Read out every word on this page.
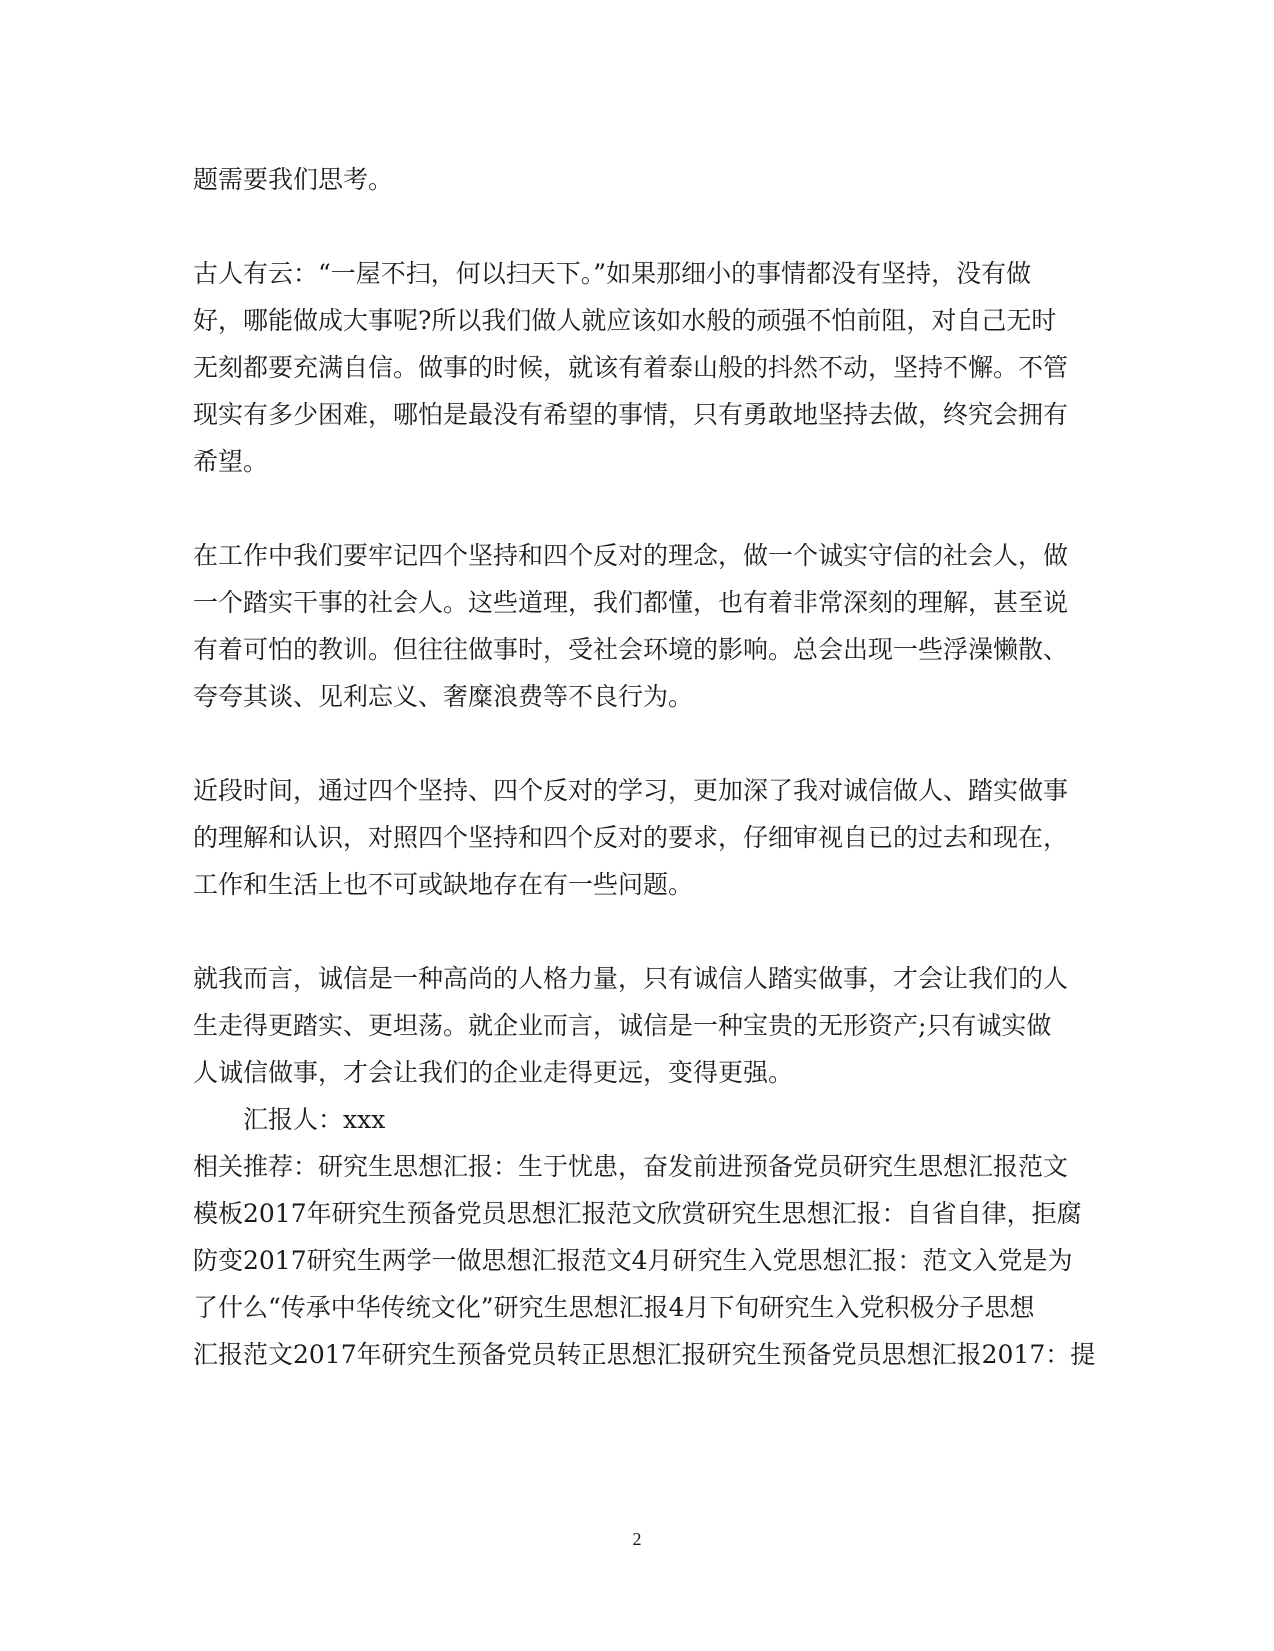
题需要我们思考。
古人有云：“一屋不扫，何以扫天下。”如果那细小的事情都没有坚持，没有做
好，哪能做成大事呢?所以我们做人就应该如水般的顽强不怕前阻，对自己无时
无刻都要充满自信。做事的时候，就该有着泰山般的抖然不动，坚持不懈。不管
现实有多少困难，哪怕是最没有希望的事情，只有勇敢地坚持去做，终究会拥有
希望。
在工作中我们要牢记四个坚持和四个反对的理念，做一个诚实守信的社会人，做
一个踏实干事的社会人。这些道理，我们都懂，也有着非常深刻的理解，甚至说
有着可怕的教训。但往往做事时，受社会环境的影响。总会出现一些浮澡懒散、
夸夸其谈、见利忘义、奢糜浪费等不良行为。
近段时间，通过四个坚持、四个反对的学习，更加深了我对诚信做人、踏实做事
的理解和认识，对照四个坚持和四个反对的要求，仔细审视自已的过去和现在，
工作和生活上也不可或缺地存在有一些问题。
就我而言，诚信是一种高尚的人格力量，只有诚信人踏实做事，才会让我们的人
生走得更踏实、更坦荡。就企业而言，诚信是一种宝贵的无形资产;只有诚实做
人诚信做事，才会让我们的企业走得更远，变得更强。
汇报人：xxx
相关推荐：研究生思想汇报：生于忧患，奋发前进预备党员研究生思想汇报范文
模板2017年研究生预备党员思想汇报范文欣赏研究生思想汇报：自省自律，拒腐
防变2017研究生两学一做思想汇报范文4月研究生入党思想汇报：范文入党是为
了什么“传承中华传统文化”研究生思想汇报4月下旬研究生入党积极分子思想
汇报范文2017年研究生预备党员转正思想汇报研究生预备党员思想汇报2017：提
2
